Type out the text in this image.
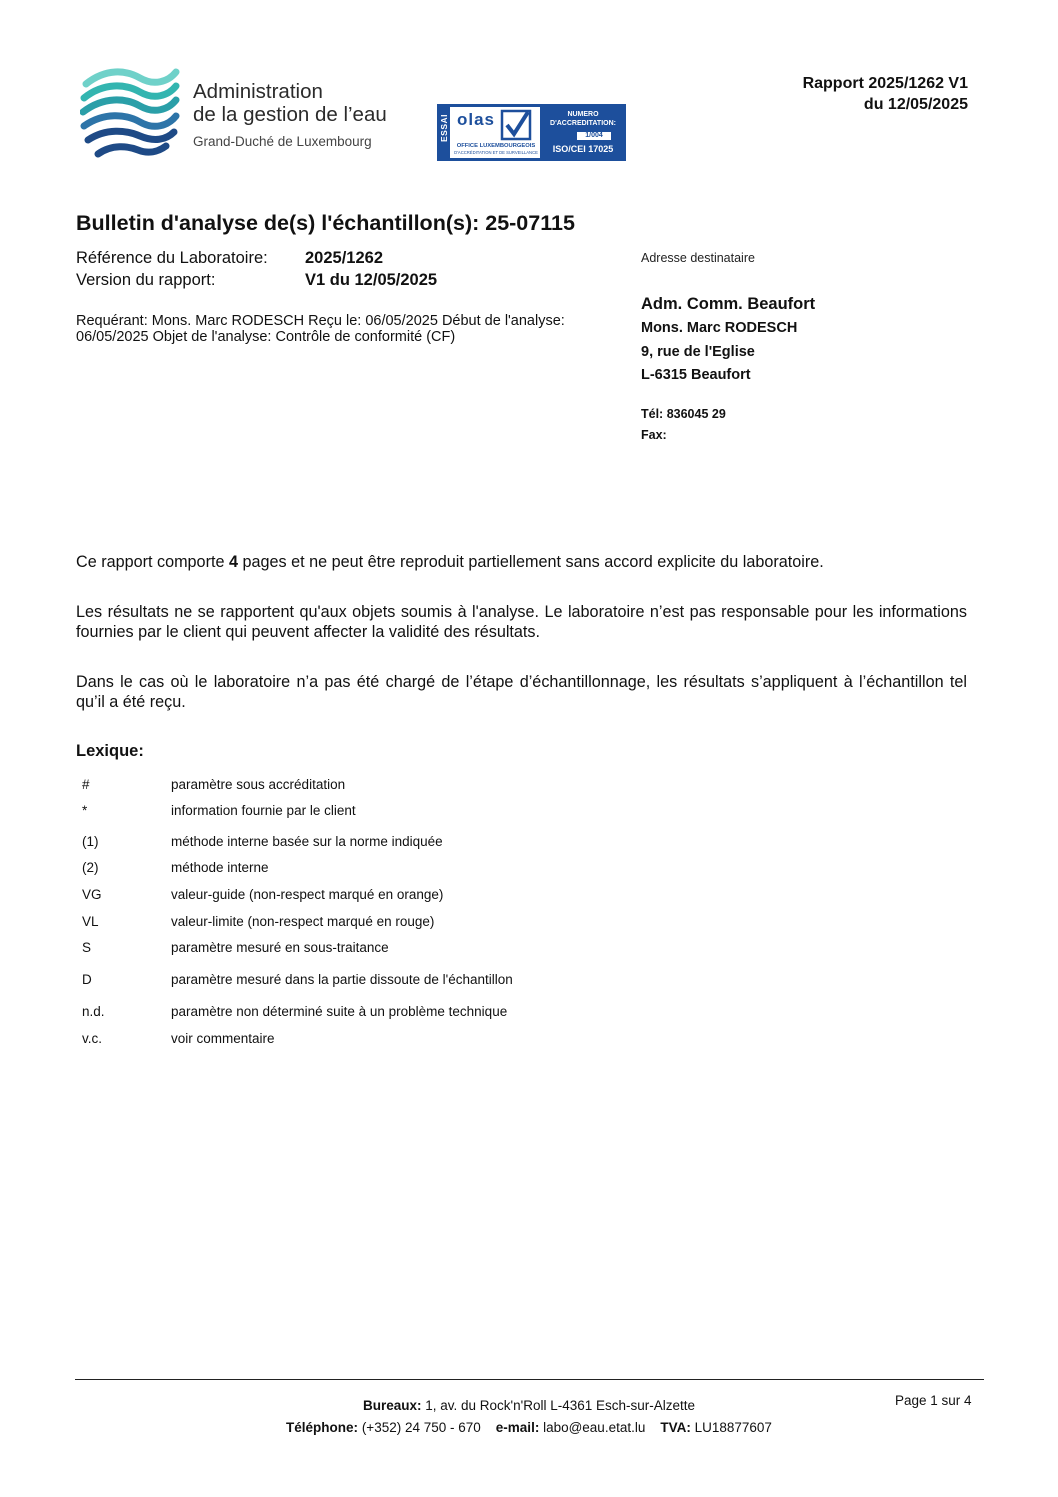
Administration
de la gestion de l’eau
Grand-Duché de Luxembourg	ESSAI olas
OFFICE LUXEMBOURGEOIS
D'ACCRÉDITATION ET DE SURVEILLANCE
NUMERO
D'ACCREDITATION:
1/004
ISO/CEI 17025
Rapport 2025/1262 V1
du 12/05/2025
Bulletin d'analyse de(s) l'échantillon(s): 25-07115
Référence du Laboratoire: 2025/1262
Version du rapport:	V1 du 12/05/2025
Requérant: Mons. Marc RODESCH Reçu le: 06/05/2025 Début de l'analyse: 06/05/2025 Objet de l'analyse: Contrôle de conformité (CF)
Adresse destinataire
Adm. Comm. Beaufort
Mons. Marc RODESCH
9, rue de l'Eglise
L-6315 Beaufort
Tél: 836045 29
Fax:
Ce rapport comporte 4 pages et ne peut être reproduit partiellement sans accord explicite du laboratoire.
Les résultats ne se rapportent qu'aux objets soumis à l'analyse. Le laboratoire n’est pas responsable pour les informations fournies par le client qui peuvent affecter la validité des résultats.
Dans le cas où le laboratoire n’a pas été chargé de l’étape d’échantillonnage, les résultats s’appliquent à l’échantillon tel qu’il a été reçu.
Lexique:
#	paramètre sous accréditation
*	information fournie par le client
(1)	méthode interne basée sur la norme indiquée
(2)	méthode interne
VG	valeur-guide (non-respect marqué en orange)
VL	valeur-limite (non-respect marqué en rouge)
S	paramètre mesuré en sous-traitance
D	paramètre mesuré dans la partie dissoute de l'échantillon
n.d.	paramètre non déterminé suite à un problème technique
v.c.	voir commentaire
Bureaux: 1, av. du Rock'n'Roll L-4361 Esch-sur-Alzette
Téléphone: (+352) 24 750 - 670 e-mail: labo@eau.etat.lu TVA: LU18877607
Page 1 sur 4
